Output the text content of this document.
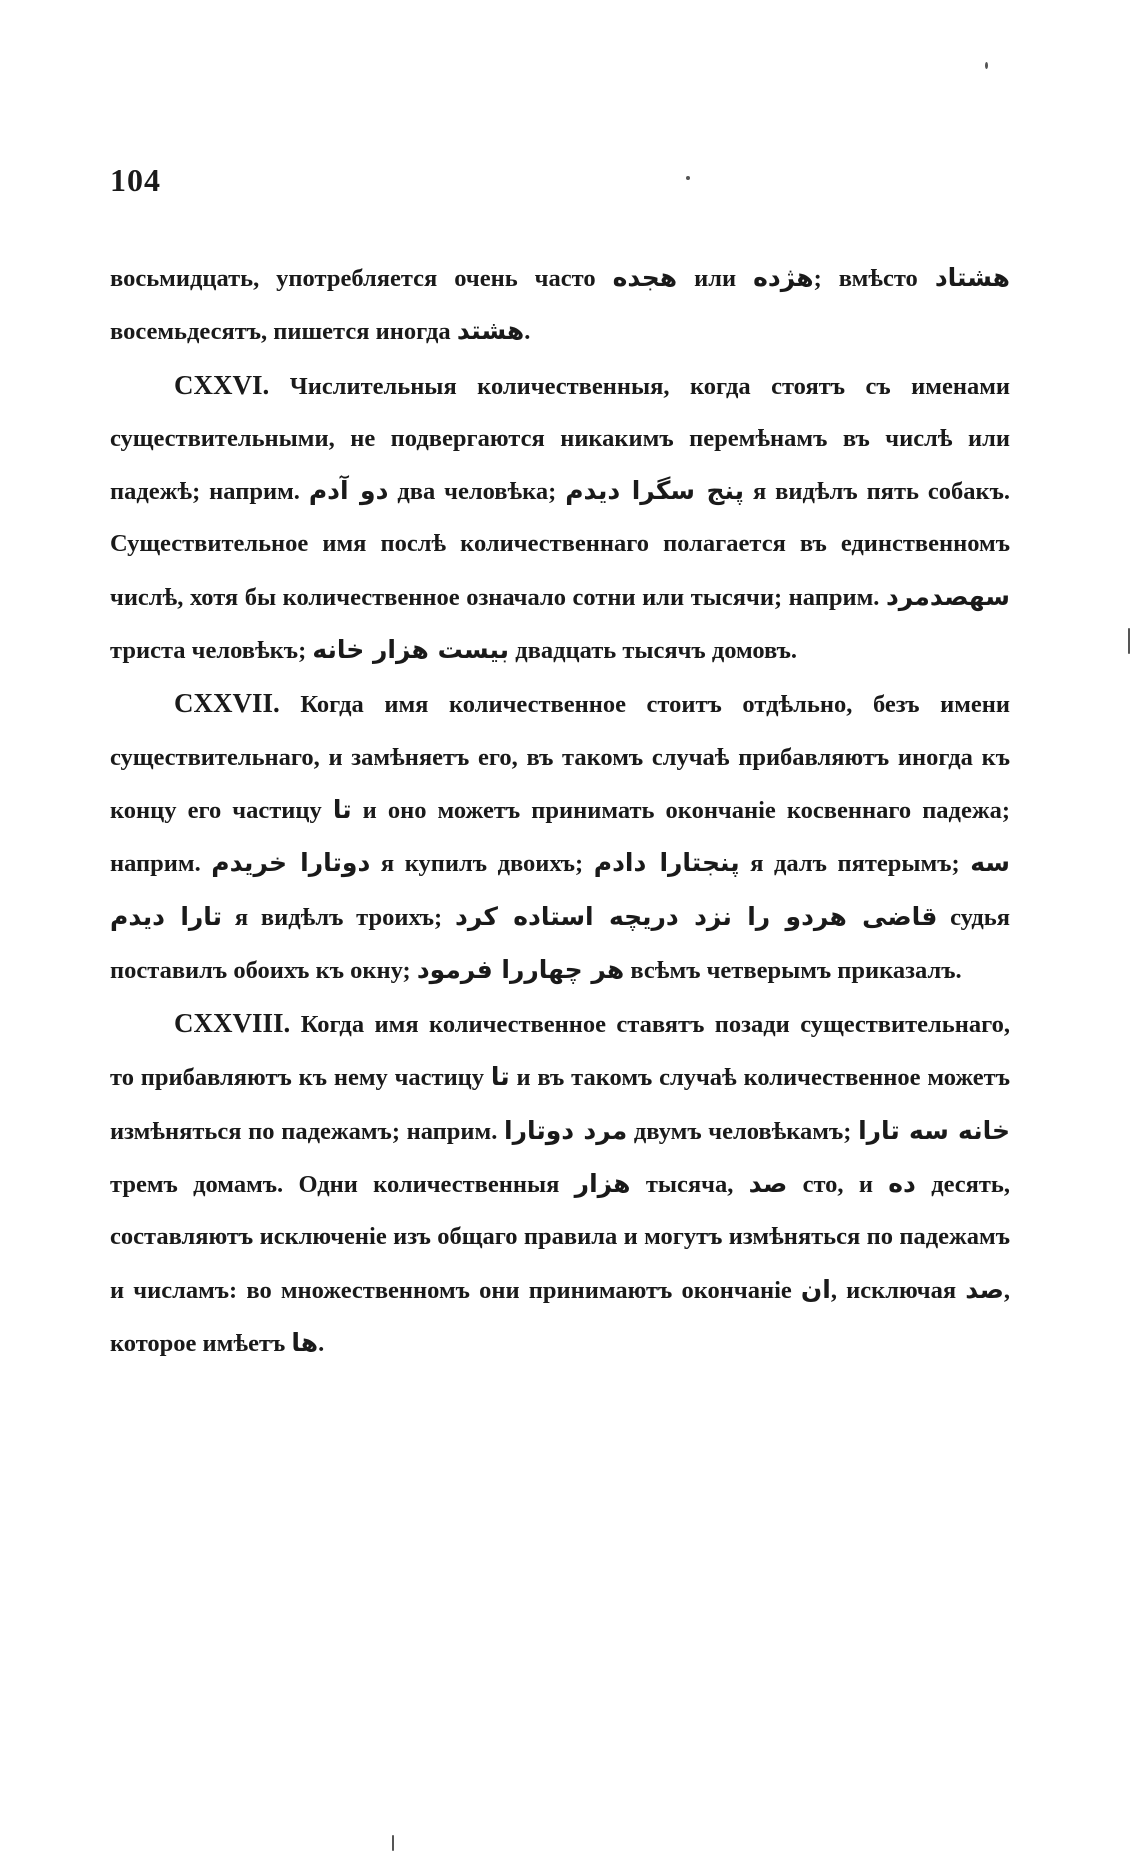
104

восьмидцать, употребляется очень часто هجده или هژده; вмѣсто هشتاد восемьдесятъ, пишется иногда هشتد.

CXXVI. Числительныя количественныя, когда стоятъ съ именами существительными, не подвергаются никакимъ перемѣнамъ въ числѣ или падежѣ; наприм. دو آدم два человѣка; پنج سگرا دیدم я видѣлъ пять собакъ. Существительное имя послѣ количественнаго полагается въ единственномъ числѣ, хотя бы количественное означало сотни или тысячи; наприм. سهصدمرد триста человѣкъ; بیست هزار خانه двадцать тысячъ домовъ.

CXXVII. Когда имя количественное стоитъ отдѣльно, безъ имени существительнаго, и замѣняетъ его, въ такомъ случаѣ прибавляютъ иногда къ концу его частицу تا и оно можетъ принимать окончаніе косвеннаго падежа; наприм. دوتارا خریدم я купилъ двоихъ; پنجتارا دادم я далъ пятерымъ; سه تارا دیدم я видѣлъ троихъ; قاضی هردو را نزد دریچه استاده کرد судья поставилъ обоихъ къ окну; هر چهاررا فرمود всѣмъ четверымъ приказалъ.

CXXVIII. Когда имя количественное ставятъ позади существительнаго, то прибавляютъ къ нему частицу تا и въ такомъ случаѣ количественное можетъ измѣняться по падежамъ; наприм. مرد دوتارا двумъ человѣкамъ; خانه سه تارا тремъ домамъ. Одни количественныя هزار тысяча, صد сто, и ده десять, составляютъ исключеніе изъ общаго правила и могутъ измѣняться по падежамъ и числамъ: во множественномъ они принимаютъ окончаніе ان, исключая صد, которое имѣетъ ها.
